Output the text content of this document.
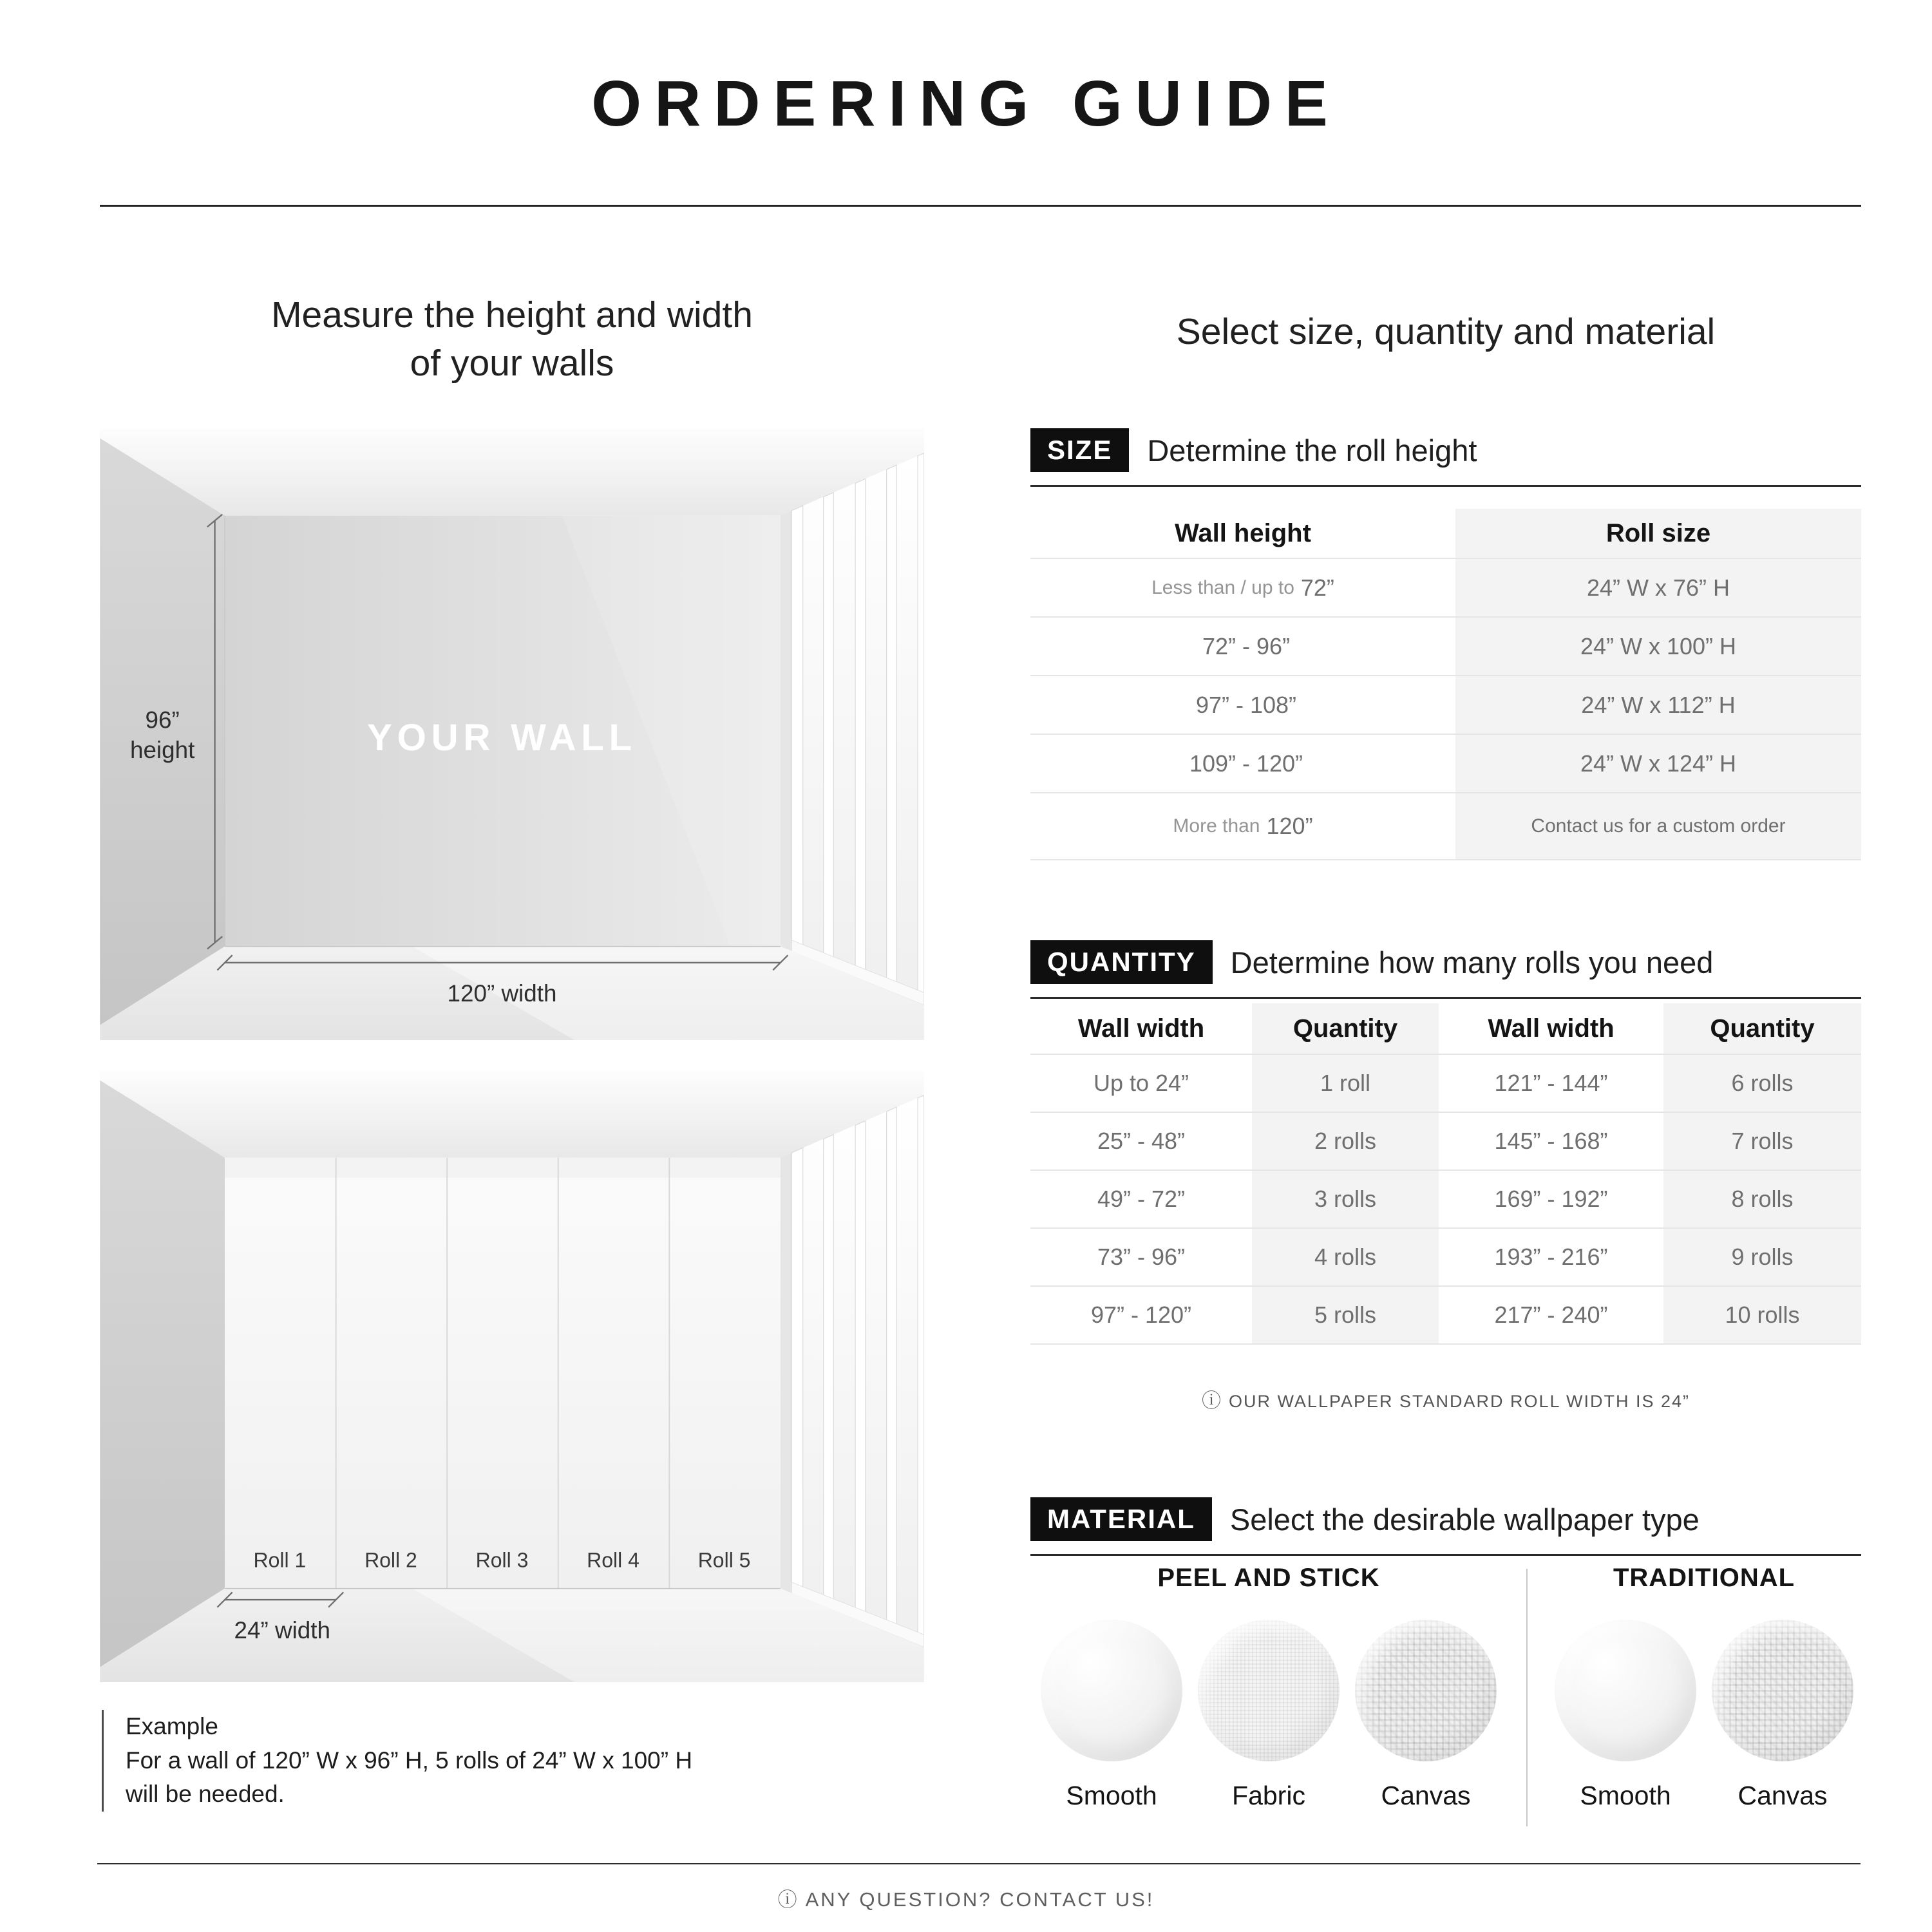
ORDERING GUIDE
Measure the height and width
of your walls
Select size, quantity and material
YOUR WALL
96”
height
120” width
Roll 1	Roll 2	Roll 3	Roll 4	Roll 5
24” width
Example
For a wall of 120” W x 96” H, 5 rolls of 24” W x 100” H
will be needed.
SIZE	Determine the roll height
Wall height	Roll size
Less than / up to 72”	24” W x 76” H
72” - 96”	24” W x 100” H
97” - 108”	24” W x 112” H
109” - 120”	24” W x 124” H
More than 120”	Contact us for a custom order
QUANTITY	Determine how many rolls you need
Wall width	Quantity	Wall width	Quantity
Up to 24”	1 roll	121” - 144”	6 rolls
25” - 48”	2 rolls	145” - 168”	7 rolls
49” - 72”	3 rolls	169” - 192”	8 rolls
73” - 96”	4 rolls	193” - 216”	9 rolls
97” - 120”	5 rolls	217” - 240”	10 rolls
ⓘ OUR WALLPAPER STANDARD ROLL WIDTH IS 24”
MATERIAL	Select the desirable wallpaper type
PEEL AND STICK
Smooth	Fabric	Canvas
TRADITIONAL
Smooth	Canvas
ⓘ ANY QUESTION? CONTACT US!
